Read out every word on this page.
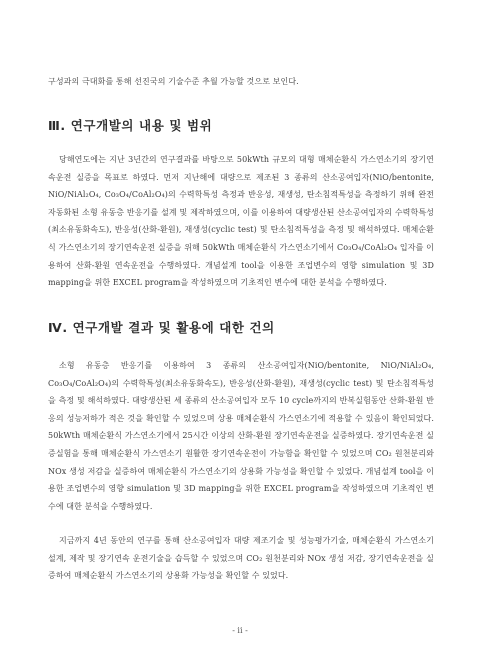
구성과의 극대화를 통해 선진국의 기술수준 추월 가능할 것으로 보인다.

Ⅲ. 연구개발의 내용 및 범위

당해연도에는 지난 3년간의 연구결과를 바탕으로 50kWth 규모의 대형 매체순환식 가스연소기의 장기연속운전 실증을 목표로 하였다. 먼저 지난해에 대량으로 제조된 3 종류의 산소공여입자(NiO/bentonite, NiO/NiAl₂O₄, Co₃O₄/CoAl₂O₄)의 수력학특성 측정과 반응성, 재생성, 탄소침적특성을 측정하기 위해 완전 자동화된 소형 유동층 반응기를 설계 및 제작하였으며, 이를 이용하여 대량생산된 산소공여입자의 수력학특성(최소유동화속도), 반응성(산화-환원), 재생성(cyclic test) 및 탄소침적특성을 측정 및 해석하였다. 매체순환식 가스연소기의 장기연속운전 실증을 위해 50kWth 매체순환식 가스연소기에서 Co₃O₄/CoAl₂O₄ 입자를 이용하여 산화-환원 연속운전을 수행하였다. 개념설계 tool을 이용한 조업변수의 영향 simulation 및 3D mapping을 위한 EXCEL program을 작성하였으며 기초적인 변수에 대한 분석을 수행하였다.

Ⅳ. 연구개발 결과 및 활용에 대한 건의

소형 유동층 반응기를 이용하여 3 종류의 산소공여입자(NiO/bentonite, NiO/NiAl₂O₄, Co₃O₄/CoAl₂O₄)의 수력학특성(최소유동화속도), 반응성(산화-환원), 재생성(cyclic test) 및 탄소침적특성을 측정 및 해석하였다. 대량생산된 세 종류의 산소공여입자 모두 10 cycle까지의 반복실험동안 산화-환원 반응의 성능저하가 적은 것을 확인할 수 있었으며 상용 매체순환식 가스연소기에 적용할 수 있음이 확인되었다. 50kWth 매체순환식 가스연소기에서 25시간 이상의 산화-환원 장기연속운전을 실증하였다. 장기연속운전 실증실험을 통해 매체순환식 가스연소기 원활한 장기연속운전이 가능함을 확인할 수 있었으며 CO₂ 원천분리와 NOx 생성 저감을 실증하여 매체순환식 가스연소기의 상용화 가능성을 확인할 수 있었다. 개념설계 tool을 이용한 조업변수의 영향 simulation 및 3D mapping을 위한 EXCEL program을 작성하였으며 기초적인 변수에 대한 분석을 수행하였다.

지금까지 4년 동안의 연구를 통해 산소공여입자 대량 제조기술 및 성능평가기술, 매체순환식 가스연소기 설계, 제작 및 장기연속 운전기술을 습득할 수 있었으며 CO₂ 원천분리와 NOx 생성 저감, 장기연속운전을 실증하여 매체순환식 가스연소기의 상용화 가능성을 확인할 수 있었다.

- ii -
